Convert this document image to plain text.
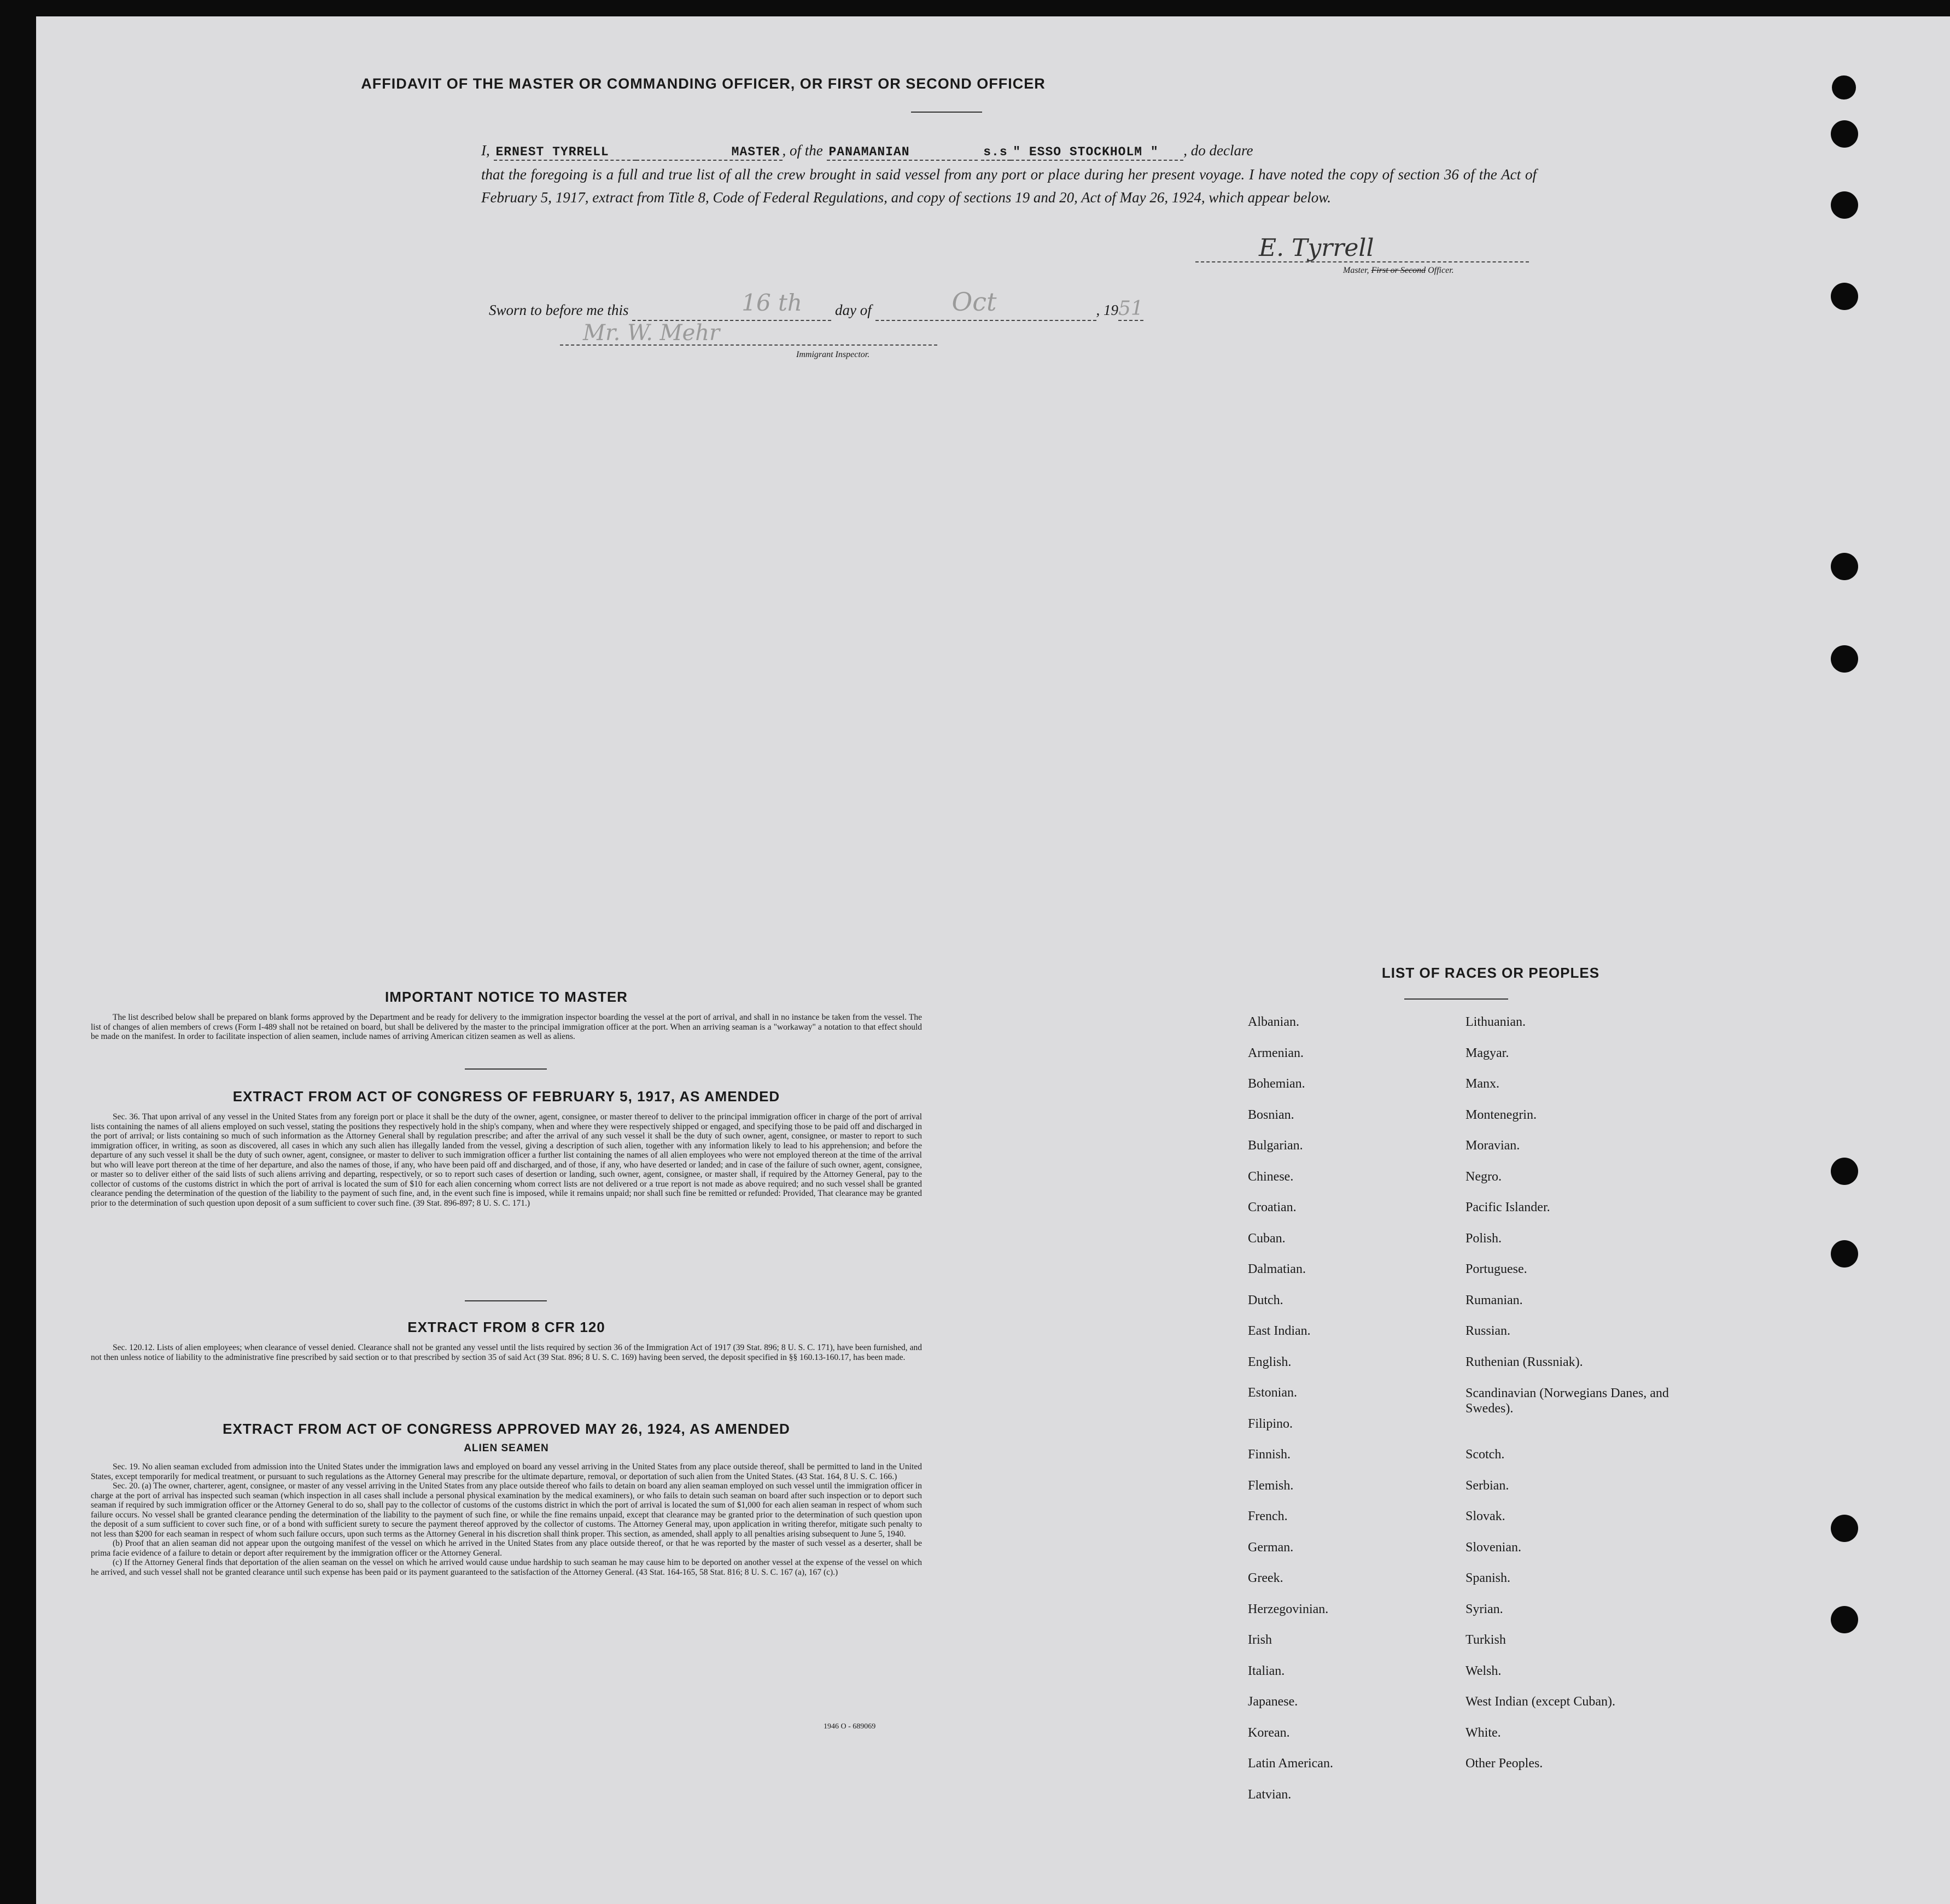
AFFIDAVIT OF THE MASTER OR COMMANDING OFFICER, OR FIRST OR SECOND OFFICER
I, ERNEST TYRRELL	MASTER , of the PANAMANIAN	s.s " ESSO STOCKHOLM " , do declare
that the foregoing is a full and true list of all the crew brought in said vessel from any port or place during her present voyage. I have noted the copy of section 36 of the Act of February 5, 1917, extract from Title 8, Code of Federal Regulations, and copy of sections 19 and 20, Act of May 26, 1924, which appear below.
E. Tyrrell
Master, First or Second Officer.
Sworn to before me this	16 th day of	Oct	, 1951
Mr. W. Mehr
Immigrant Inspector.
IMPORTANT NOTICE TO MASTER

The list described below shall be prepared on blank forms approved by the Department and be ready for delivery to the immigration inspector boarding the vessel at the port of arrival, and shall in no instance be taken from the vessel. The list of changes of alien members of crews (Form I-489 shall not be retained on board, but shall be delivered by the master to the principal immigration officer at the port. When an arriving seaman is a "workaway" a notation to that effect should be made on the manifest. In order to facilitate inspection of alien seamen, include names of arriving American citizen seamen as well as aliens.

EXTRACT FROM ACT OF CONGRESS OF FEBRUARY 5, 1917, AS AMENDED

Sec. 36. That upon arrival of any vessel in the United States from any foreign port or place it shall be the duty of the owner, agent, consignee, or master thereof to deliver to the principal immigration officer in charge of the port of arrival lists containing the names of all aliens employed on such vessel, stating the positions they respectively hold in the ship's company, when and where they were respectively shipped or engaged, and specifying those to be paid off and discharged in the port of arrival; or lists containing so much of such information as the Attorney General shall by regulation prescribe; and after the arrival of any such vessel it shall be the duty of such owner, agent, consignee, or master to report to such immigration officer, in writing, as soon as discovered, all cases in which any such alien has illegally landed from the vessel, giving a description of such alien, together with any information likely to lead to his apprehension; and before the departure of any such vessel it shall be the duty of such owner, agent, consignee, or master to deliver to such immigration officer a further list containing the names of all alien employees who were not employed thereon at the time of the arrival but who will leave port thereon at the time of her departure, and also the names of those, if any, who have been paid off and discharged, and of those, if any, who have deserted or landed; and in case of the failure of such owner, agent, consignee, or master so to deliver either of the said lists of such aliens arriving and departing, respectively, or so to report such cases of desertion or landing, such owner, agent, consignee, or master shall, if required by the Attorney General, pay to the collector of customs of the customs district in which the port of arrival is located the sum of $10 for each alien concerning whom correct lists are not delivered or a true report is not made as above required; and no such vessel shall be granted clearance pending the determination of the question of the liability to the payment of such fine, and, in the event such fine is imposed, while it remains unpaid; nor shall such fine be remitted or refunded: Provided, That clearance may be granted prior to the determination of such question upon deposit of a sum sufficient to cover such fine. (39 Stat. 896-897; 8 U. S. C. 171.)

EXTRACT FROM 8 CFR 120

Sec. 120.12. Lists of alien employees; when clearance of vessel denied. Clearance shall not be granted any vessel until the lists required by section 36 of the Immigration Act of 1917 (39 Stat. 896; 8 U. S. C. 171), have been furnished, and not then unless notice of liability to the administrative fine prescribed by said section or to that prescribed by section 35 of said Act (39 Stat. 896; 8 U. S. C. 169) having been served, the deposit specified in §§ 160.13-160.17, has been made.

EXTRACT FROM ACT OF CONGRESS APPROVED MAY 26, 1924, AS AMENDED
ALIEN SEAMEN

Sec. 19. No alien seaman excluded from admission into the United States under the immigration laws and employed on board any vessel arriving in the United States from any place outside thereof, shall be permitted to land in the United States, except temporarily for medical treatment, or pursuant to such regulations as the Attorney General may prescribe for the ultimate departure, removal, or deportation of such alien from the United States. (43 Stat. 164, 8 U. S. C. 166.)

Sec. 20. (a) The owner, charterer, agent, consignee, or master of any vessel arriving in the United States from any place outside thereof who fails to detain on board any alien seaman employed on such vessel until the immigration officer in charge at the port of arrival has inspected such seaman (which inspection in all cases shall include a personal physical examination by the medical examiners), or who fails to detain such seaman on board after such inspection or to deport such seaman if required by such immigration officer or the Attorney General to do so, shall pay to the collector of customs of the customs district in which the port of arrival is located the sum of $1,000 for each alien seaman in respect of whom such failure occurs. No vessel shall be granted clearance pending the determination of the liability to the payment of such fine, or while the fine remains unpaid, except that clearance may be granted prior to the determination of such question upon the deposit of a sum sufficient to cover such fine, or of a bond with sufficient surety to secure the payment thereof approved by the collector of customs. The Attorney General may, upon application in writing therefor, mitigate such penalty to not less than $200 for each seaman in respect of whom such failure occurs, upon such terms as the Attorney General in his discretion shall think proper. This section, as amended, shall apply to all penalties arising subsequent to June 5, 1940.

(b) Proof that an alien seaman did not appear upon the outgoing manifest of the vessel on which he arrived in the United States from any place outside thereof, or that he was reported by the master of such vessel as a deserter, shall be prima facie evidence of a failure to detain or deport after requirement by the immigration officer or the Attorney General.

(c) If the Attorney General finds that deportation of the alien seaman on the vessel on which he arrived would cause undue hardship to such seaman he may cause him to be deported on another vessel at the expense of the vessel on which he arrived, and such vessel shall not be granted clearance until such expense has been paid or its payment guaranteed to the satisfaction of the Attorney General. (43 Stat. 164-165, 58 Stat. 816; 8 U. S. C. 167 (a), 167 (c).)

1946 O - 689069
LIST OF RACES OR PEOPLES
Albanian.
Armenian.
Bohemian.
Bosnian.
Bulgarian.
Chinese.
Croatian.
Cuban.
Dalmatian.
Dutch.
East Indian.
English.
Estonian.
Filipino.
Finnish.
Flemish.
French.
German.
Greek.
Herzegovinian.
Irish
Italian.
Japanese.
Korean.
Latin American.
Latvian.
Lithuanian.
Magyar.
Manx.
Montenegrin.
Moravian.
Negro.
Pacific Islander.
Polish.
Portuguese.
Rumanian.
Russian.
Ruthenian (Russniak).
Scandinavian (Norwegians Danes, and Swedes).
Scotch.
Serbian.
Slovak.
Slovenian.
Spanish.
Syrian.
Turkish
Welsh.
West Indian (except Cuban).
White.
Other Peoples.
